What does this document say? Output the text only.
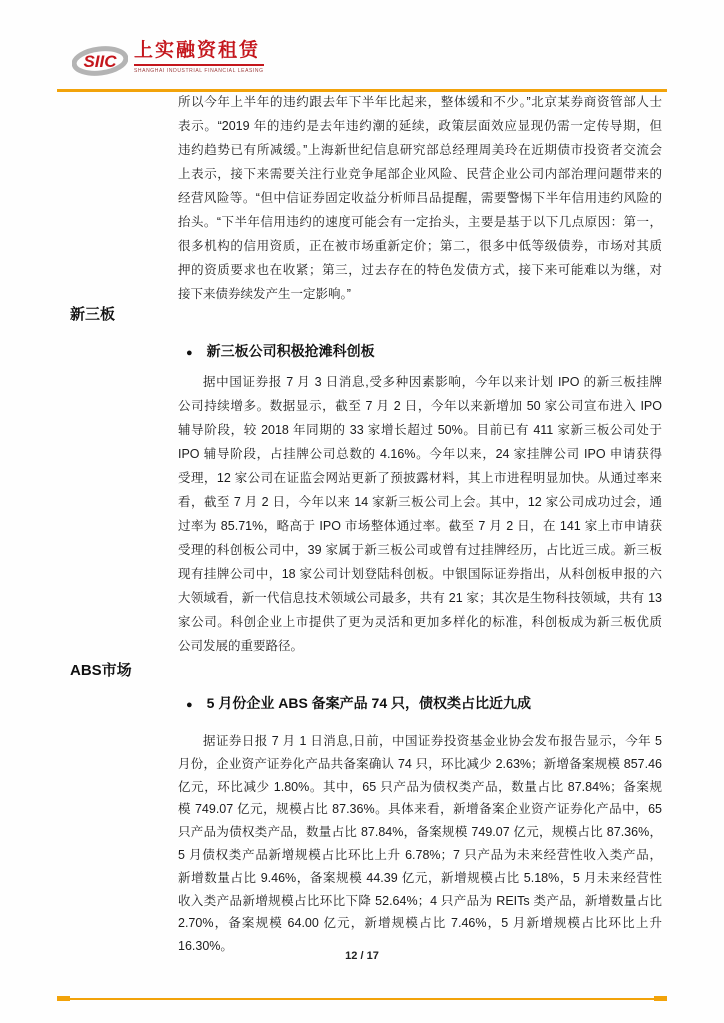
SIIC
上实融资租赁
SHANGHAI INDUSTRIAL FINANCIAL LEASING
所以今年上半年的违约跟去年下半年比起来，整体缓和不少。”北京某券商资管部人士
表示。“2019 年的违约是去年违约潮的延续，政策层面效应显现仍需一定传导期，但
违约趋势已有所减缓。”上海新世纪信息研究部总经理周美玲在近期债市投资者交流会
上表示，接下来需要关注行业竞争尾部企业风险、民营企业公司内部治理问题带来的
经营风险等。“但中信证券固定收益分析师吕品提醒，需要警惕下半年信用违约风险的
抬头。“下半年信用违约的速度可能会有一定抬头，主要是基于以下几点原因：第一，
很多机构的信用资质，正在被市场重新定价；第二，很多中低等级债券，市场对其质
押的资质要求也在收紧；第三，过去存在的特色发债方式，接下来可能难以为继，对
接下来债券续发产生一定影响。”
新三板
● 新三板公司积极抢滩科创板
据中国证券报 7 月 3 日消息,受多种因素影响，今年以来计划 IPO 的新三板挂牌
公司持续增多。数据显示，截至 7 月 2 日，今年以来新增加 50 家公司宣布进入 IPO
辅导阶段，较 2018 年同期的 33 家增长超过 50%。目前已有 411 家新三板公司处于
IPO 辅导阶段，占挂牌公司总数的 4.16%。今年以来，24 家挂牌公司 IPO 申请获得
受理，12 家公司在证监会网站更新了预披露材料，其上市进程明显加快。从通过率来
看，截至 7 月 2 日，今年以来 14 家新三板公司上会。其中，12 家公司成功过会，通
过率为 85.71%，略高于 IPO 市场整体通过率。截至 7 月 2 日，在 141 家上市申请获
受理的科创板公司中，39 家属于新三板公司或曾有过挂牌经历，占比近三成。新三板
现有挂牌公司中，18 家公司计划登陆科创板。中银国际证券指出，从科创板申报的六
大领域看，新一代信息技术领域公司最多，共有 21 家；其次是生物科技领域，共有 13
家公司。科创企业上市提供了更为灵活和更加多样化的标准，科创板成为新三板优质
公司发展的重要路径。
ABS市场
● 5 月份企业 ABS 备案产品 74 只，债权类占比近九成
据证券日报 7 月 1 日消息,日前，中国证券投资基金业协会发布报告显示，今年 5
月份，企业资产证券化产品共备案确认 74 只，环比减少 2.63%；新增备案规模 857.46
亿元，环比减少 1.80%。其中，65 只产品为债权类产品，数量占比 87.84%；备案规
模 749.07 亿元，规模占比 87.36%。具体来看，新增备案企业资产证券化产品中，65
只产品为债权类产品，数量占比 87.84%，备案规模 749.07 亿元，规模占比 87.36%，
5 月债权类产品新增规模占比环比上升 6.78%；7 只产品为未来经营性收入类产品，
新增数量占比 9.46%，备案规模 44.39 亿元，新增规模占比 5.18%，5 月未来经营性
收入类产品新增规模占比环比下降 52.64%；4 只产品为 REITs 类产品，新增数量占比
2.70%，备案规模 64.00 亿元，新增规模占比 7.46%，5 月新增规模占比环比上升
16.30%。
12 / 17
